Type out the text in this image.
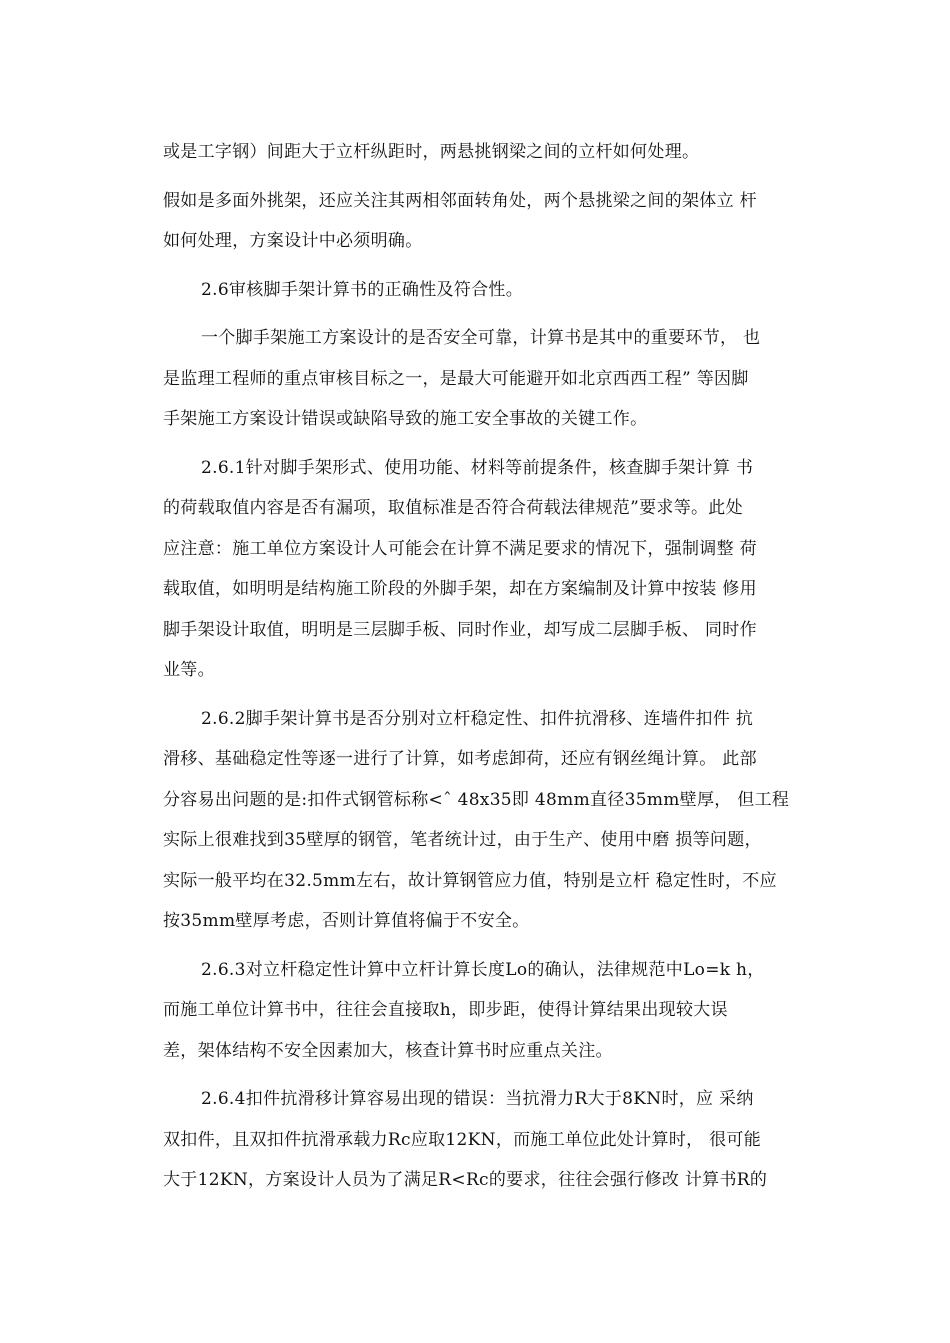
或是工字钢）间距大于立杆纵距时，两悬挑钢梁之间的立杆如何处理。
假如是多面外挑架，还应关注其两相邻面转角处，两个悬挑梁之间的架体立 杆
如何处理，方案设计中必须明确。
2.6审核脚手架计算书的正确性及符合性。
一个脚手架施工方案设计的是否安全可靠，计算书是其中的重要环节， 也
是监理工程师的重点审核目标之一，是最大可能避开如北京西西工程” 等因脚
手架施工方案设计错误或缺陷导致的施工安全事故的关键工作。
2.6.1针对脚手架形式、使用功能、材料等前提条件，核查脚手架计算 书
的荷载取值内容是否有漏项，取值标准是否符合荷载法律规范”要求等。此处
应注意：施工单位方案设计人可能会在计算不满足要求的情况下，强制调整 荷
载取值，如明明是结构施工阶段的外脚手架，却在方案编制及计算中按装 修用
脚手架设计取值，明明是三层脚手板、同时作业，却写成二层脚手板、 同时作
业等。
2.6.2脚手架计算书是否分别对立杆稳定性、扣件抗滑移、连墙件扣件 抗
滑移、基础稳定性等逐一进行了计算，如考虑卸荷，还应有钢丝绳计算。 此部
分容易出问题的是:扣件式钢管标称<ˆ 48x35即 48mm直径35mm壁厚， 但工程
实际上很难找到35壁厚的钢管，笔者统计过，由于生产、使用中磨 损等问题，
实际一般平均在32.5mm左右，故计算钢管应力值，特别是立杆 稳定性时，不应
按35mm壁厚考虑，否则计算值将偏于不安全。
2.6.3对立杆稳定性计算中立杆计算长度Lo的确认，法律规范中Lo=k h，
而施工单位计算书中，往往会直接取h，即步距，使得计算结果出现较大误
差，架体结构不安全因素加大，核查计算书时应重点关注。
2.6.4扣件抗滑移计算容易出现的错误：当抗滑力R大于8KN时，应 采纳
双扣件，且双扣件抗滑承载力Rc应取12KN，而施工单位此处计算时， 很可能
大于12KN，方案设计人员为了满足R<Rc的要求，往往会强行修改 计算书R的
